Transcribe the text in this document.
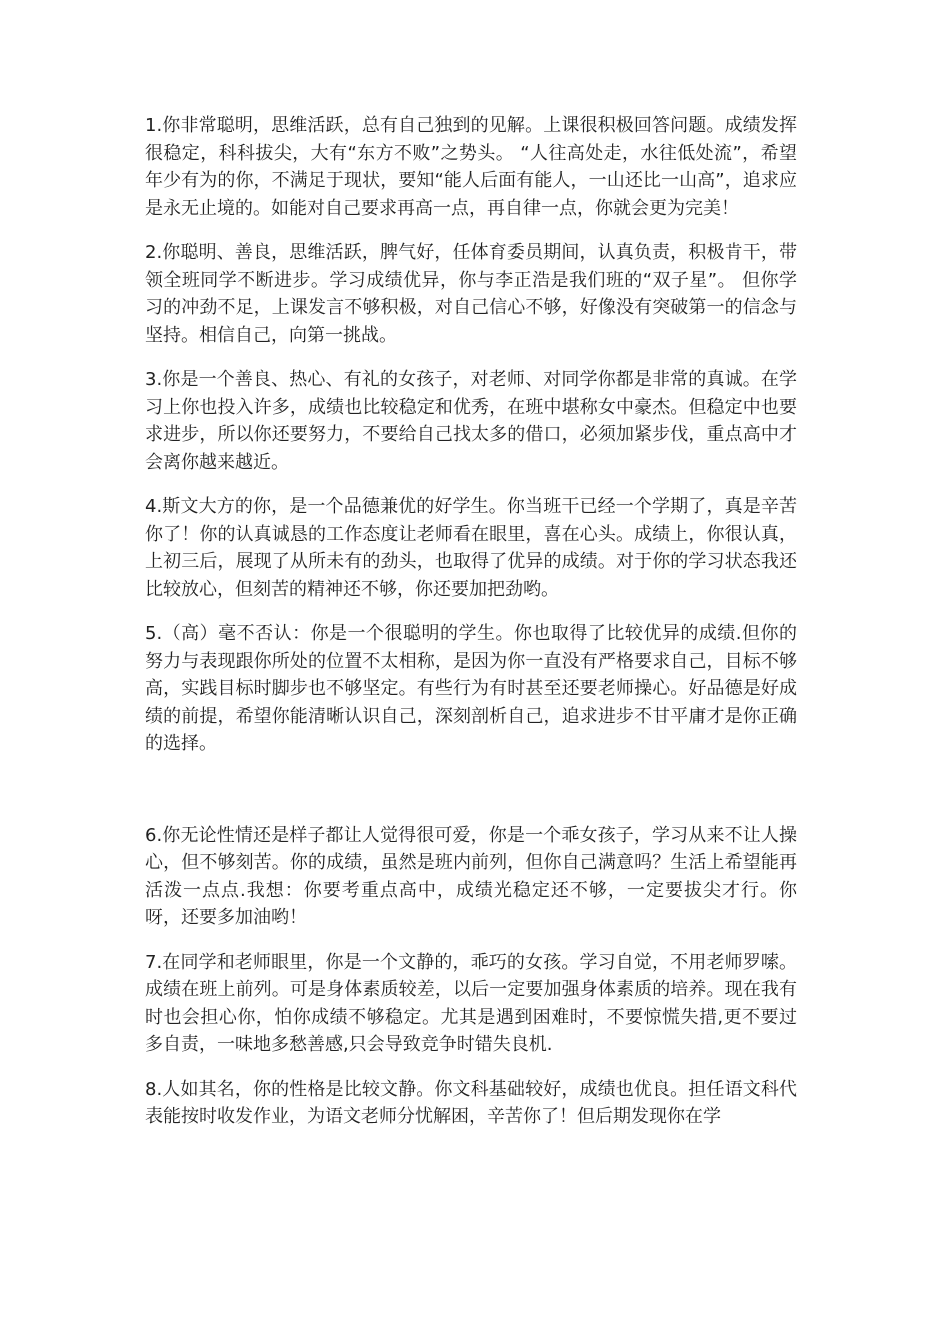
1.你非常聪明，思维活跃，总有自己独到的见解。上课很积极回答问题。成绩发挥很稳定，科科拔尖，大有“东方不败”之势头。 “人往高处走，水往低处流”，希望年少有为的你，不满足于现状，要知“能人后面有能人，一山还比一山高”，追求应是永无止境的。如能对自己要求再高一点，再自律一点，你就会更为完美！

2.你聪明、善良，思维活跃，脾气好，任体育委员期间，认真负责，积极肯干，带领全班同学不断进步。学习成绩优异，你与李正浩是我们班的“双子星”。 但你学习的冲劲不足，上课发言不够积极，对自己信心不够，好像没有突破第一的信念与坚持。相信自己，向第一挑战。

3.你是一个善良、热心、有礼的女孩子，对老师、对同学你都是非常的真诚。在学习上你也投入许多，成绩也比较稳定和优秀，在班中堪称女中豪杰。但稳定中也要求进步，所以你还要努力，不要给自己找太多的借口，必须加紧步伐，重点高中才会离你越来越近。

4.斯文大方的你，是一个品德兼优的好学生。你当班干已经一个学期了，真是辛苦你了！你的认真诚恳的工作态度让老师看在眼里，喜在心头。成绩上，你很认真，上初三后，展现了从所未有的劲头，也取得了优异的成绩。对于你的学习状态我还比较放心，但刻苦的精神还不够，你还要加把劲哟。

5.（高）毫不否认：你是一个很聪明的学生。你也取得了比较优异的成绩.但你的努力与表现跟你所处的位置不太相称，是因为你一直没有严格要求自己，目标不够高，实践目标时脚步也不够坚定。有些行为有时甚至还要老师操心。好品德是好成绩的前提，希望你能清晰认识自己，深刻剖析自己，追求进步不甘平庸才是你正确的选择。

6.你无论性情还是样子都让人觉得很可爱，你是一个乖女孩子，学习从来不让人操心，但不够刻苦。你的成绩，虽然是班内前列，但你自己满意吗？生活上希望能再活泼一点点.我想：你要考重点高中，成绩光稳定还不够，一定要拔尖才行。你呀，还要多加油哟！

7.在同学和老师眼里，你是一个文静的，乖巧的女孩。学习自觉，不用老师罗嗦。成绩在班上前列。可是身体素质较差，以后一定要加强身体素质的培养。现在我有时也会担心你，怕你成绩不够稳定。尤其是遇到困难时，不要惊慌失措,更不要过多自责，一味地多愁善感,只会导致竞争时错失良机.

8.人如其名，你的性格是比较文静。你文科基础较好，成绩也优良。担任语文科代表能按时收发作业，为语文老师分忧解困，辛苦你了！但后期发现你在学
